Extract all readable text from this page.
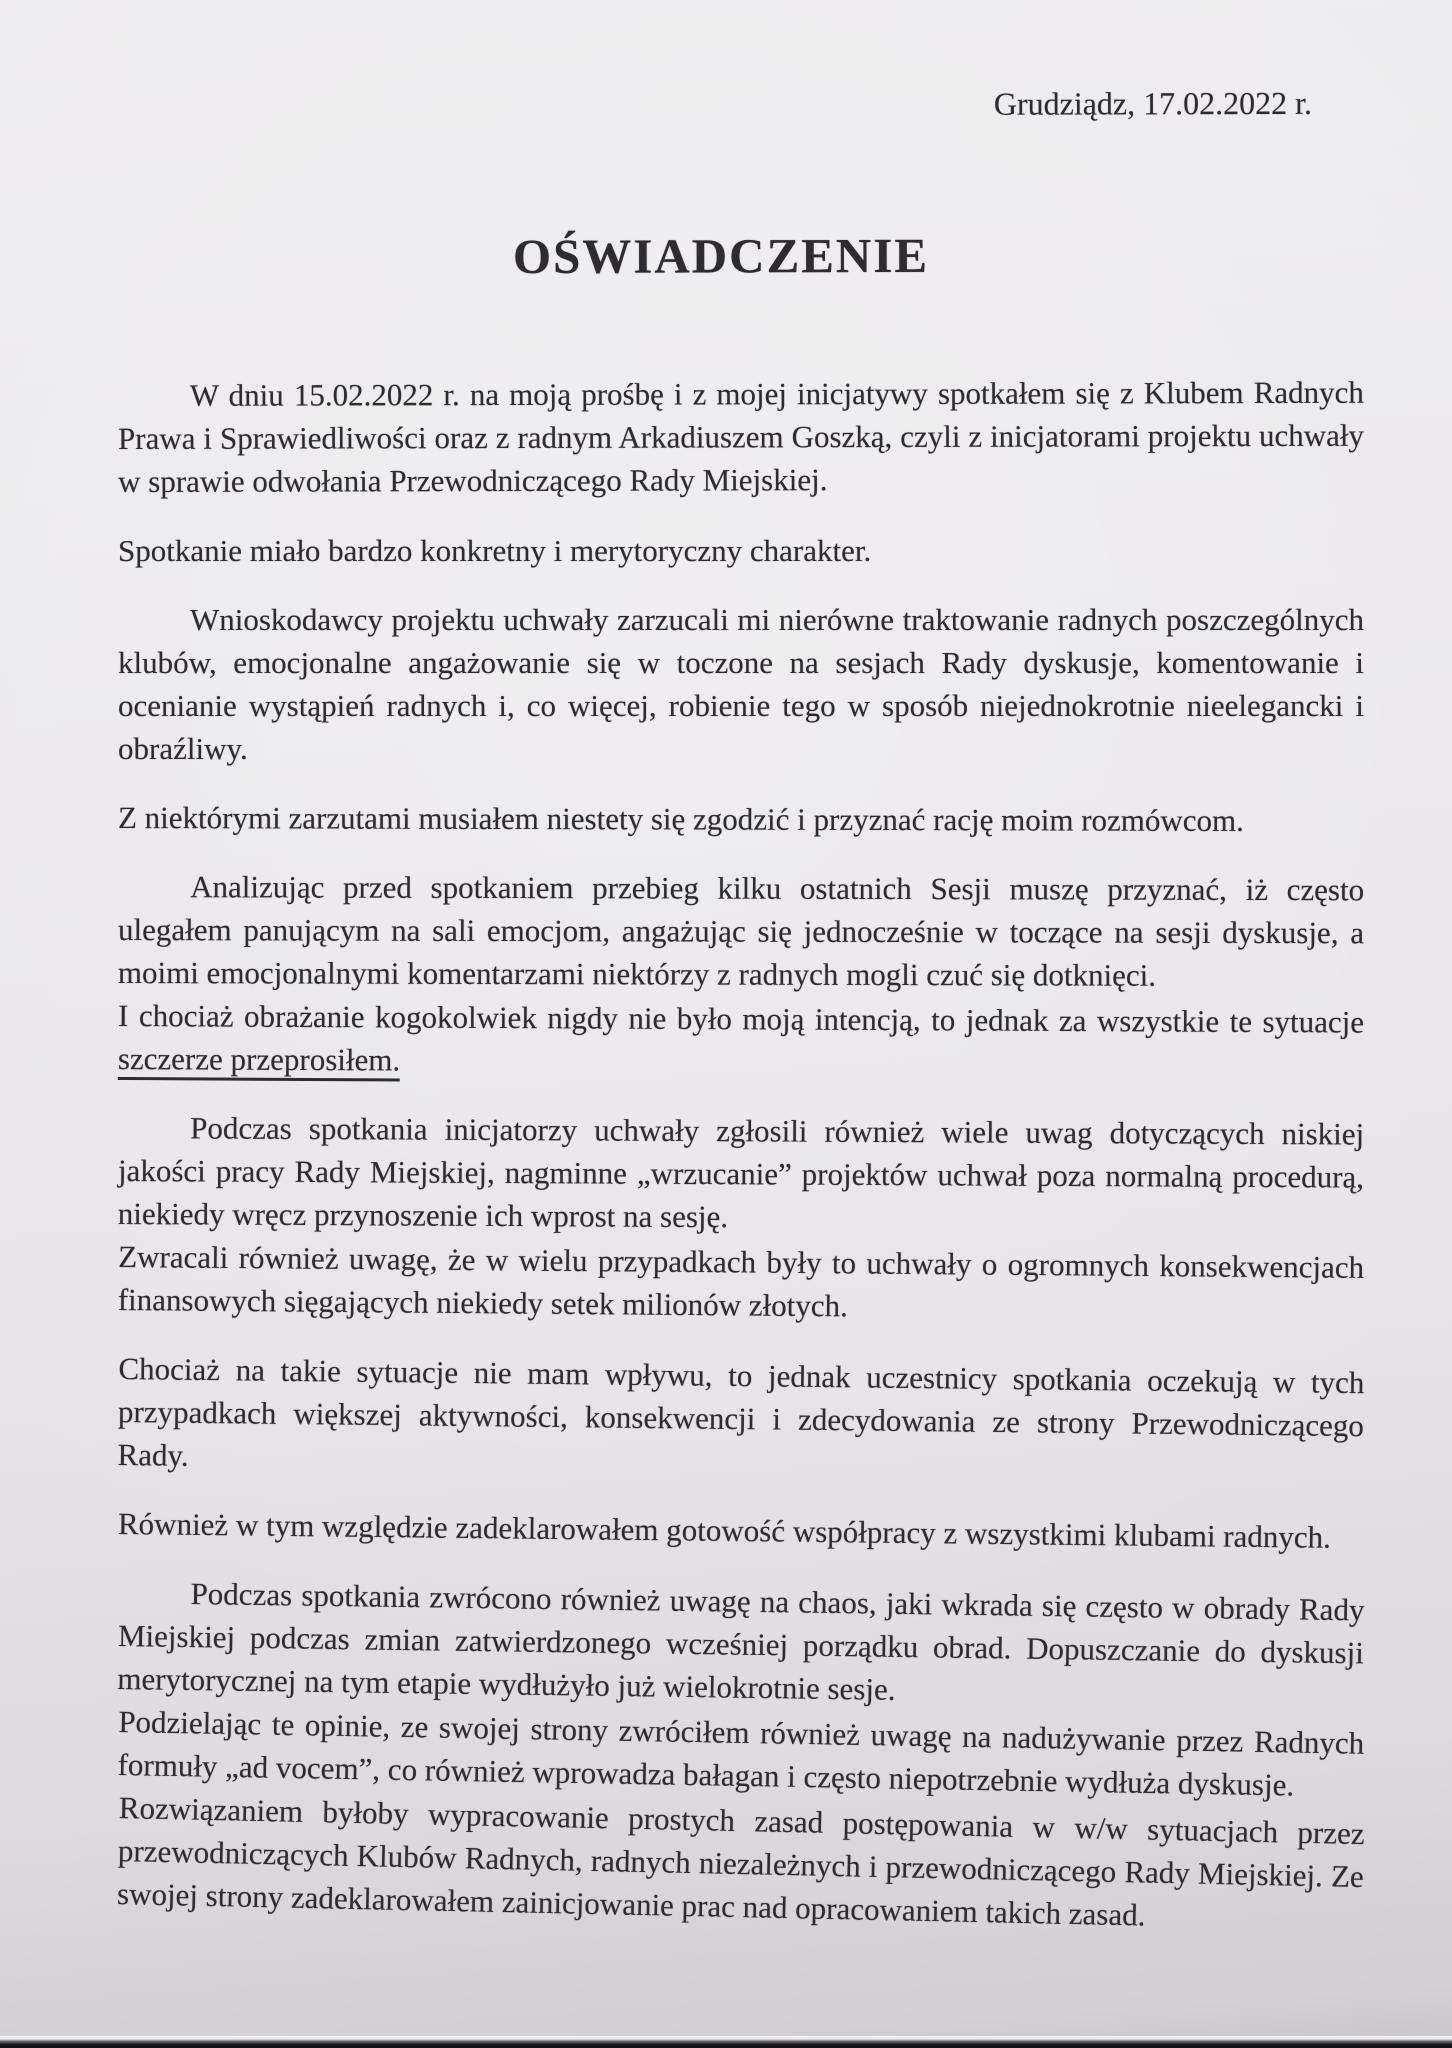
Grudziądz, 17.02.2022 r.
OŚWIADCZENIE

W dniu 15.02.2022 r. na moją prośbę i z mojej inicjatywy spotkałem się z Klubem Radnych Prawa i Sprawiedliwości oraz z radnym Arkadiuszem Goszką, czyli z inicjatorami projektu uchwały w sprawie odwołania Przewodniczącego Rady Miejskiej.

Spotkanie miało bardzo konkretny i merytoryczny charakter.

Wnioskodawcy projektu uchwały zarzucali mi nierówne traktowanie radnych poszczególnych klubów, emocjonalne angażowanie się w toczone na sesjach Rady dyskusje, komentowanie i ocenianie wystąpień radnych i, co więcej, robienie tego w sposób niejednokrotnie nieelegancki i obraźliwy.

Z niektórymi zarzutami musiałem niestety się zgodzić i przyznać rację moim rozmówcom.

Analizując przed spotkaniem przebieg kilku ostatnich Sesji muszę przyznać, iż często ulegałem panującym na sali emocjom, angażując się jednocześnie w toczące na sesji dyskusje, a moimi emocjonalnymi komentarzami niektórzy z radnych mogli czuć się dotknięci.

I chociaż obrażanie kogokolwiek nigdy nie było moją intencją, to jednak za wszystkie te sytuacje szczerze przeprosiłem.

Podczas spotkania inicjatorzy uchwały zgłosili również wiele uwag dotyczących niskiej jakości pracy Rady Miejskiej, nagminne „wrzucanie” projektów uchwał poza normalną procedurą, niekiedy wręcz przynoszenie ich wprost na sesję.

Zwracali również uwagę, że w wielu przypadkach były to uchwały o ogromnych konsekwencjach finansowych sięgających niekiedy setek milionów złotych.

Chociaż na takie sytuacje nie mam wpływu, to jednak uczestnicy spotkania oczekują w tych przypadkach większej aktywności, konsekwencji i zdecydowania ze strony Przewodniczącego Rady.

Również w tym względzie zadeklarowałem gotowość współpracy z wszystkimi klubami radnych.

Podczas spotkania zwrócono również uwagę na chaos, jaki wkrada się często w obrady Rady Miejskiej podczas zmian zatwierdzonego wcześniej porządku obrad. Dopuszczanie do dyskusji merytorycznej na tym etapie wydłużyło już wielokrotnie sesje.

Podzielając te opinie, ze swojej strony zwróciłem również uwagę na nadużywanie przez Radnych formuły „ad vocem”, co również wprowadza bałagan i często niepotrzebnie wydłuża dyskusje.

Rozwiązaniem byłoby wypracowanie prostych zasad postępowania w w/w sytuacjach przez przewodniczących Klubów Radnych, radnych niezależnych i przewodniczącego Rady Miejskiej. Ze swojej strony zadeklarowałem zainicjowanie prac nad opracowaniem takich zasad.
